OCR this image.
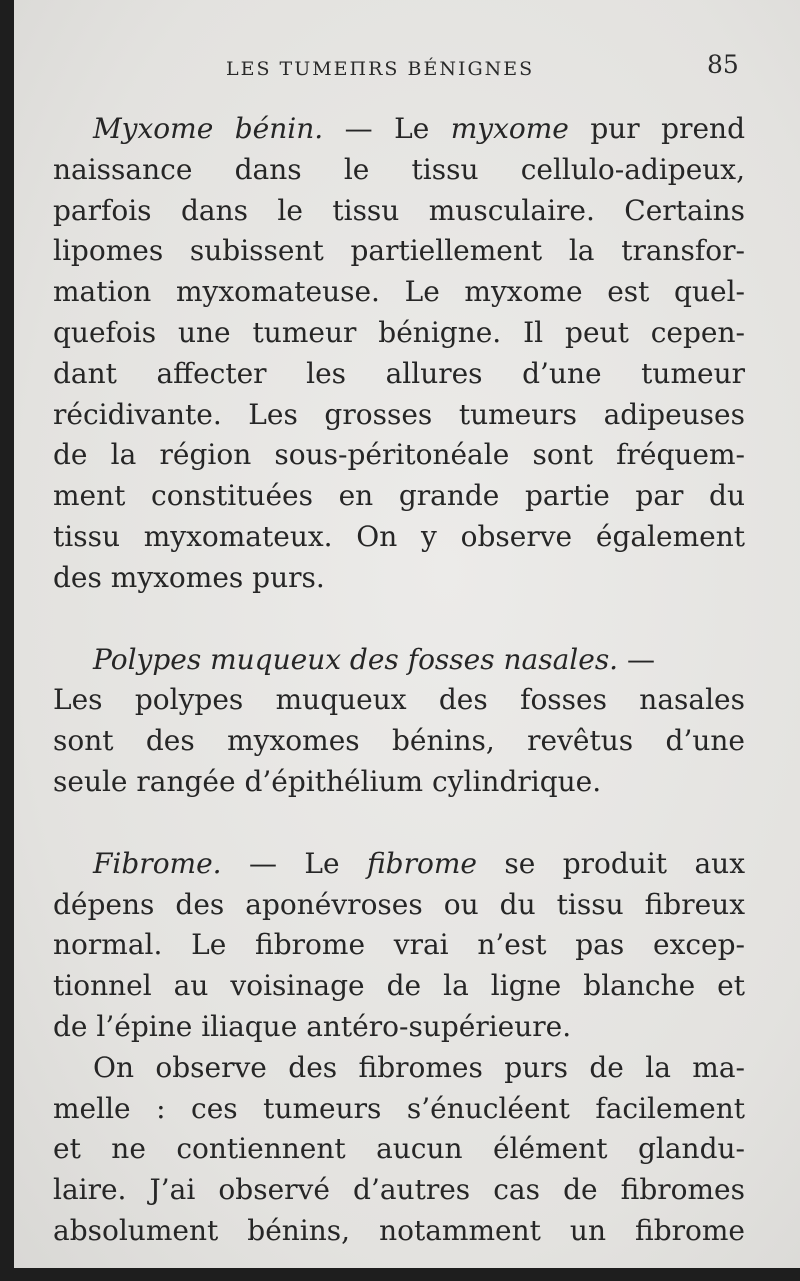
LES TUMEΠRS BÉNIGNES	85
Myxome bénin. — Le myxome pur prend
naissance dans le tissu cellulo-adipeux,
parfois dans le tissu musculaire. Certains
lipomes subissent partiellement la transfor-
mation myxomateuse. Le myxome est quel-
quefois une tumeur bénigne. Il peut cepen-
dant affecter les allures d’une tumeur
récidivante. Les grosses tumeurs adipeuses
de la région sous-péritonéale sont fréquem-
ment constituées en grande partie par du
tissu myxomateux. On y observe également
des myxomes purs.
Polypes muqueux des fosses nasales. —
Les polypes muqueux des fosses nasales
sont des myxomes bénins, revêtus d’une
seule rangée d’épithélium cylindrique.
Fibrome. — Le fibrome se produit aux
dépens des aponévroses ou du tissu fibreux
normal. Le fibrome vrai n’est pas excep-
tionnel au voisinage de la ligne blanche et
de l’épine iliaque antéro-supérieure.
On observe des fibromes purs de la ma-
melle : ces tumeurs s’énucléent facilement
et ne contiennent aucun élément glandu-
laire. J’ai observé d’autres cas de fibromes
absolument bénins, notamment un fibrome
